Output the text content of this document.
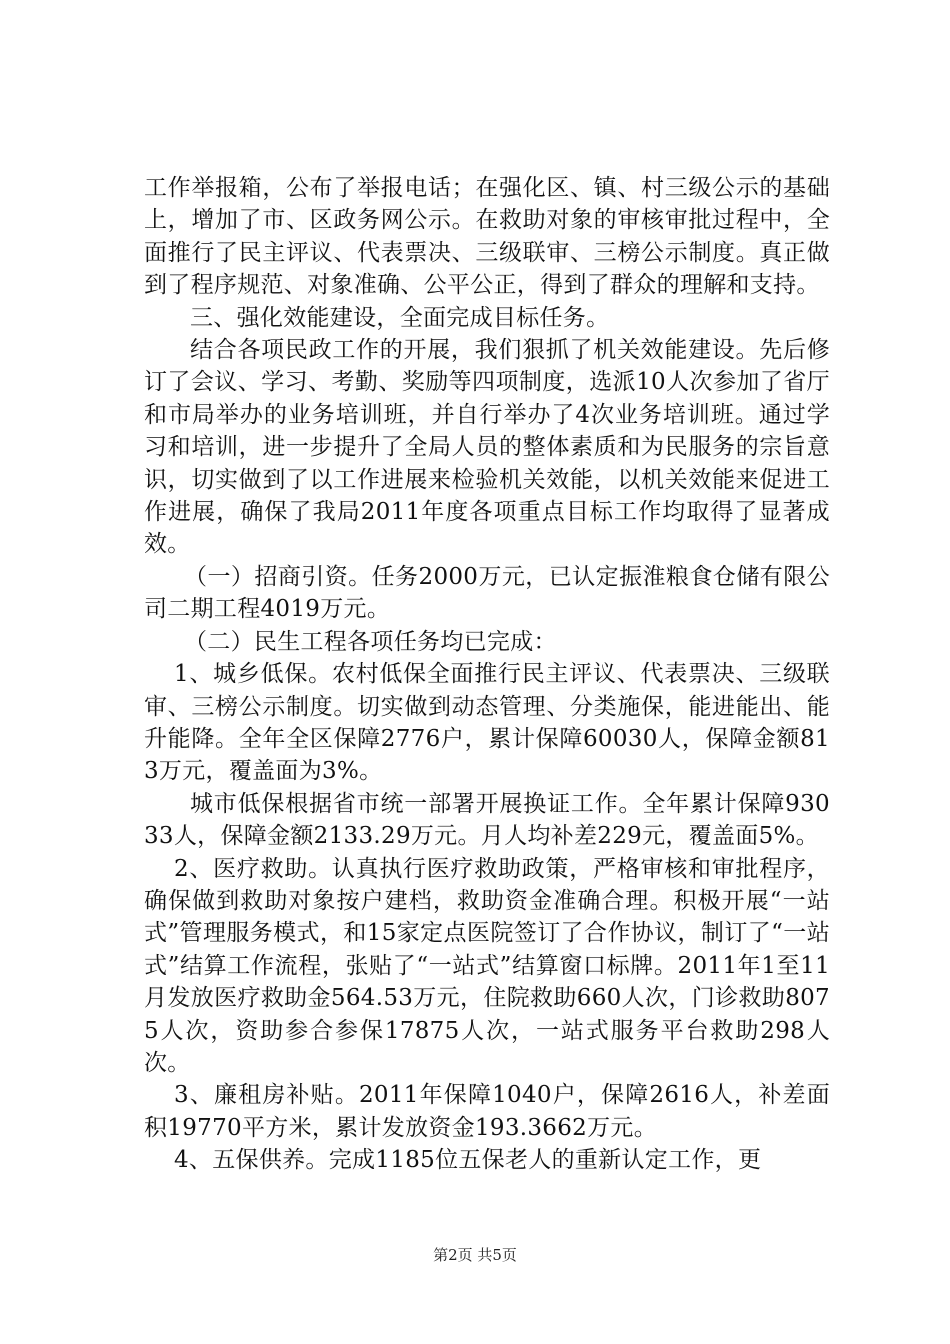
工作举报箱，公布了举报电话；在强化区、镇、村三级公示的基础上，增加了市、区政务网公示。在救助对象的审核审批过程中，全面推行了民主评议、代表票决、三级联审、三榜公示制度。真正做到了程序规范、对象准确、公平公正，得到了群众的理解和支持。

三、强化效能建设，全面完成目标任务。

结合各项民政工作的开展，我们狠抓了机关效能建设。先后修订了会议、学习、考勤、奖励等四项制度，选派10人次参加了省厅和市局举办的业务培训班，并自行举办了4次业务培训班。通过学习和培训，进一步提升了全局人员的整体素质和为民服务的宗旨意识，切实做到了以工作进展来检验机关效能，以机关效能来促进工作进展，确保了我局2011年度各项重点目标工作均取得了显著成效。

（一）招商引资。任务2000万元，已认定振淮粮食仓储有限公司二期工程4019万元。

（二）民生工程各项任务均已完成：

1、城乡低保。农村低保全面推行民主评议、代表票决、三级联审、三榜公示制度。切实做到动态管理、分类施保，能进能出、能升能降。全年全区保障2776户，累计保障60030人，保障金额813万元，覆盖面为3%。

城市低保根据省市统一部署开展换证工作。全年累计保障93033人，保障金额2133.29万元。月人均补差229元，覆盖面5%。

2、医疗救助。认真执行医疗救助政策，严格审核和审批程序，确保做到救助对象按户建档，救助资金准确合理。积极开展“一站式”管理服务模式，和15家定点医院签订了合作协议，制订了“一站式”结算工作流程，张贴了“一站式”结算窗口标牌。2011年1至11月发放医疗救助金564.53万元，住院救助660人次，门诊救助8075人次，资助参合参保17875人次，一站式服务平台救助298人次。

3、廉租房补贴。2011年保障1040户，保障2616人，补差面积19770平方米，累计发放资金193.3662万元。

4、五保供养。完成1185位五保老人的重新认定工作，更

第2页 共5页
